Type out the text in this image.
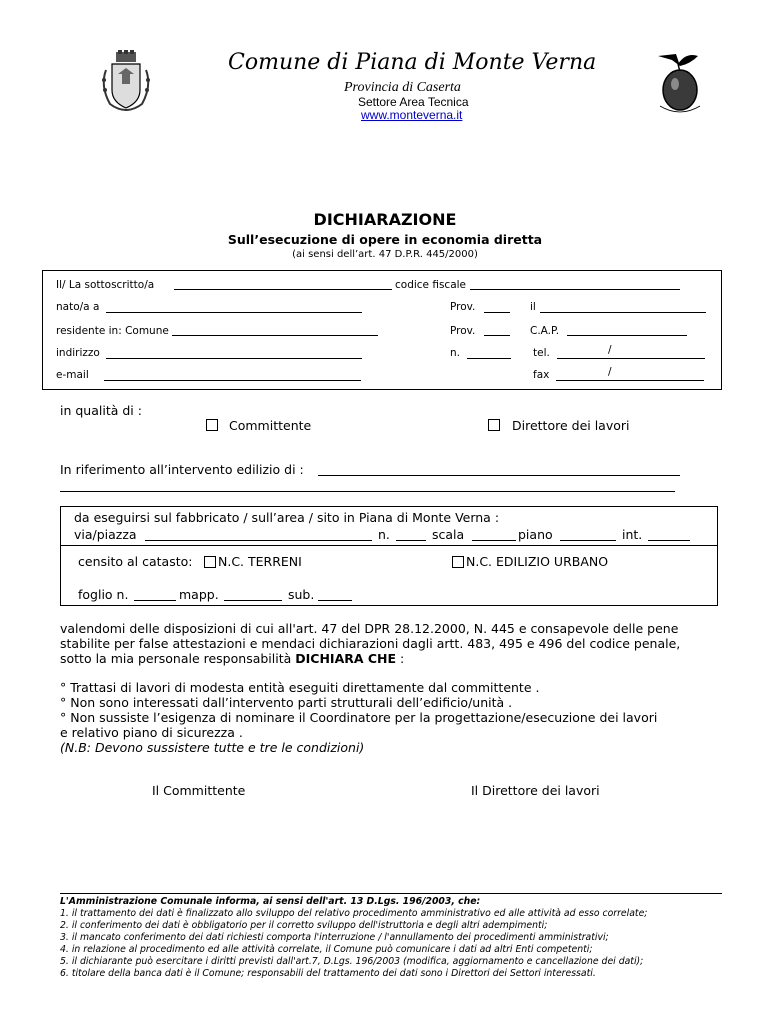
Comune di Piana di Monte Verna
Provincia di Caserta
Settore Area Tecnica
www.monteverna.it
DICHIARAZIONE
Sull’esecuzione di opere in economia diretta
(ai sensi dell’art. 47 D.P.R. 445/2000)
Il/ La sottoscritto/a	codice fiscale
nato/a a	Prov.	il
residente in: Comune	Prov.	C.A.P.
indirizzo	n.	tel.	/
e-mail	fax	/
in qualità di :
Committente	Direttore dei lavori
In riferimento all’intervento edilizio di :
da eseguirsi sul fabbricato / sull’area / sito in Piana di Monte Verna :
via/piazza	n.	scala	piano	int.
censito al catasto: N.C. TERRENI	N.C. EDILIZIO URBANO
foglio n.	mapp.	sub.
valendomi delle disposizioni di cui all'art. 47 del DPR 28.12.2000, N. 445 e consapevole delle pene
stabilite per false attestazioni e mendaci dichiarazioni dagli artt. 483, 495 e 496 del codice penale,
sotto la mia personale responsabilità DICHIARA CHE :
° Trattasi di lavori di modesta entità eseguiti direttamente dal committente .
° Non sono interessati dall’intervento parti strutturali dell’edificio/unità .
° Non sussiste l’esigenza di nominare il Coordinatore per la progettazione/esecuzione dei lavori
e relativo piano di sicurezza .
(N.B: Devono sussistere tutte e tre le condizioni)
Il Committente	Il Direttore dei lavori
L'Amministrazione Comunale informa, ai sensi dell'art. 13 D.Lgs. 196/2003, che:
1. il trattamento dei dati è finalizzato allo sviluppo del relativo procedimento amministrativo ed alle attività ad esso correlate;
2. il conferimento dei dati è obbligatorio per il corretto sviluppo dell'istruttoria e degli altri adempimenti;
3. il mancato conferimento dei dati richiesti comporta l'interruzione / l'annullamento dei procedimenti amministrativi;
4. in relazione al procedimento ed alle attività correlate, il Comune può comunicare i dati ad altri Enti competenti;
5. il dichiarante può esercitare i diritti previsti dall'art.7, D.Lgs. 196/2003 (modifica, aggiornamento e cancellazione dei dati);
6. titolare della banca dati è il Comune; responsabili del trattamento dei dati sono i Direttori dei Settori interessati.
